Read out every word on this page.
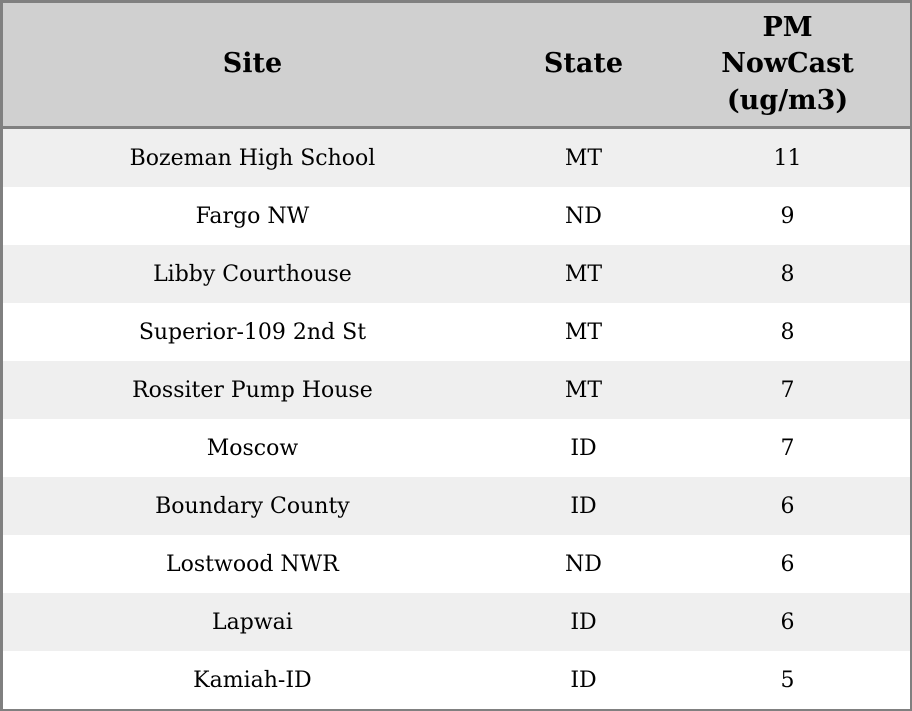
Site	State	PM NowCast (ug/m3)
Bozeman High School	MT	11
Fargo NW	ND	9
Libby Courthouse	MT	8
Superior-109 2nd St	MT	8
Rossiter Pump House	MT	7
Moscow	ID	7
Boundary County	ID	6
Lostwood NWR	ND	6
Lapwai	ID	6
Kamiah-ID	ID	5
